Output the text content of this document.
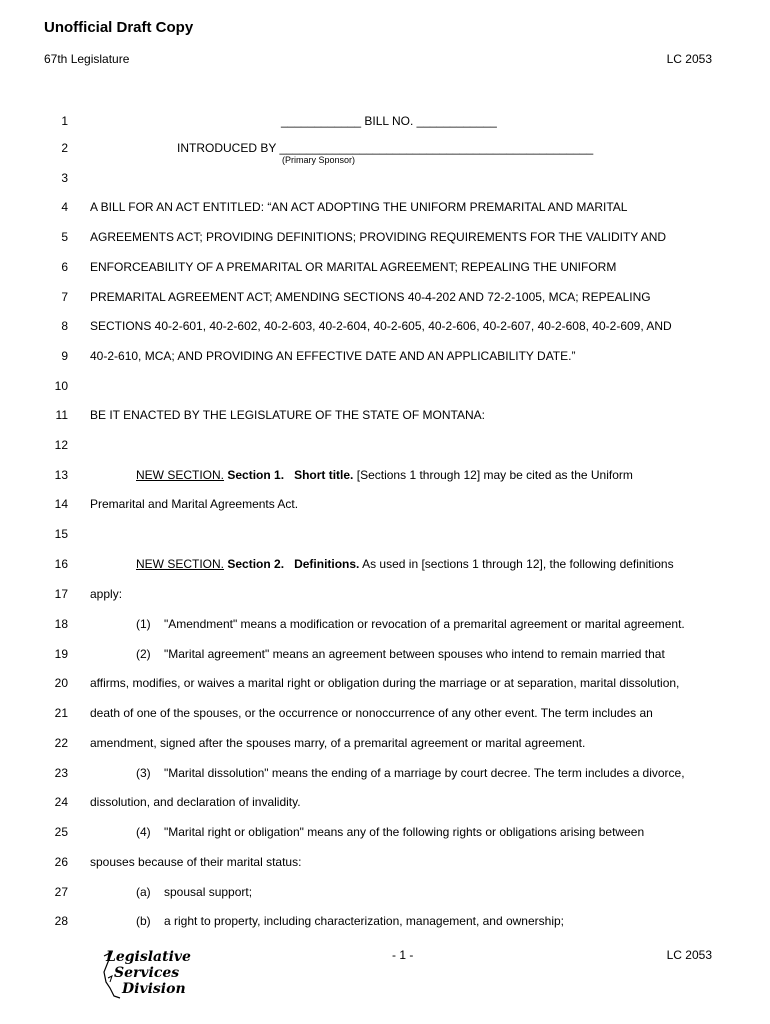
Unofficial Draft Copy
67th Legislature	LC 2053
1
2
3
4
5
6
7
8
9
10
11
12
13
14
15
16
17
18
19
20
21
22
23
24
25
26
27
28
____________ BILL NO. ____________
INTRODUCED BY _______________________________________________
(Primary Sponsor)
A BILL FOR AN ACT ENTITLED: “AN ACT ADOPTING THE UNIFORM PREMARITAL AND MARITAL
AGREEMENTS ACT; PROVIDING DEFINITIONS; PROVIDING REQUIREMENTS FOR THE VALIDITY AND
ENFORCEABILITY OF A PREMARITAL OR MARITAL AGREEMENT; REPEALING THE UNIFORM
PREMARITAL AGREEMENT ACT; AMENDING SECTIONS 40-4-202 AND 72-2-1005, MCA; REPEALING
SECTIONS 40-2-601, 40-2-602, 40-2-603, 40-2-604, 40-2-605, 40-2-606, 40-2-607, 40-2-608, 40-2-609, AND
40-2-610, MCA; AND PROVIDING AN EFFECTIVE DATE AND AN APPLICABILITY DATE.”
BE IT ENACTED BY THE LEGISLATURE OF THE STATE OF MONTANA:
NEW SECTION. Section 1. Short title. [Sections 1 through 12] may be cited as the Uniform
Premarital and Marital Agreements Act.
NEW SECTION. Section 2. Definitions. As used in [sections 1 through 12], the following definitions
apply:
(1) "Amendment" means a modification or revocation of a premarital agreement or marital agreement.
(2) "Marital agreement" means an agreement between spouses who intend to remain married that
affirms, modifies, or waives a marital right or obligation during the marriage or at separation, marital dissolution,
death of one of the spouses, or the occurrence or nonoccurrence of any other event. The term includes an
amendment, signed after the spouses marry, of a premarital agreement or marital agreement.
(3) "Marital dissolution" means the ending of a marriage by court decree. The term includes a divorce,
dissolution, and declaration of invalidity.
(4) "Marital right or obligation" means any of the following rights or obligations arising between
spouses because of their marital status:
(a) spousal support;
(b) a right to property, including characterization, management, and ownership;
- 1 -	LC 2053
Legislative
Services
Division
